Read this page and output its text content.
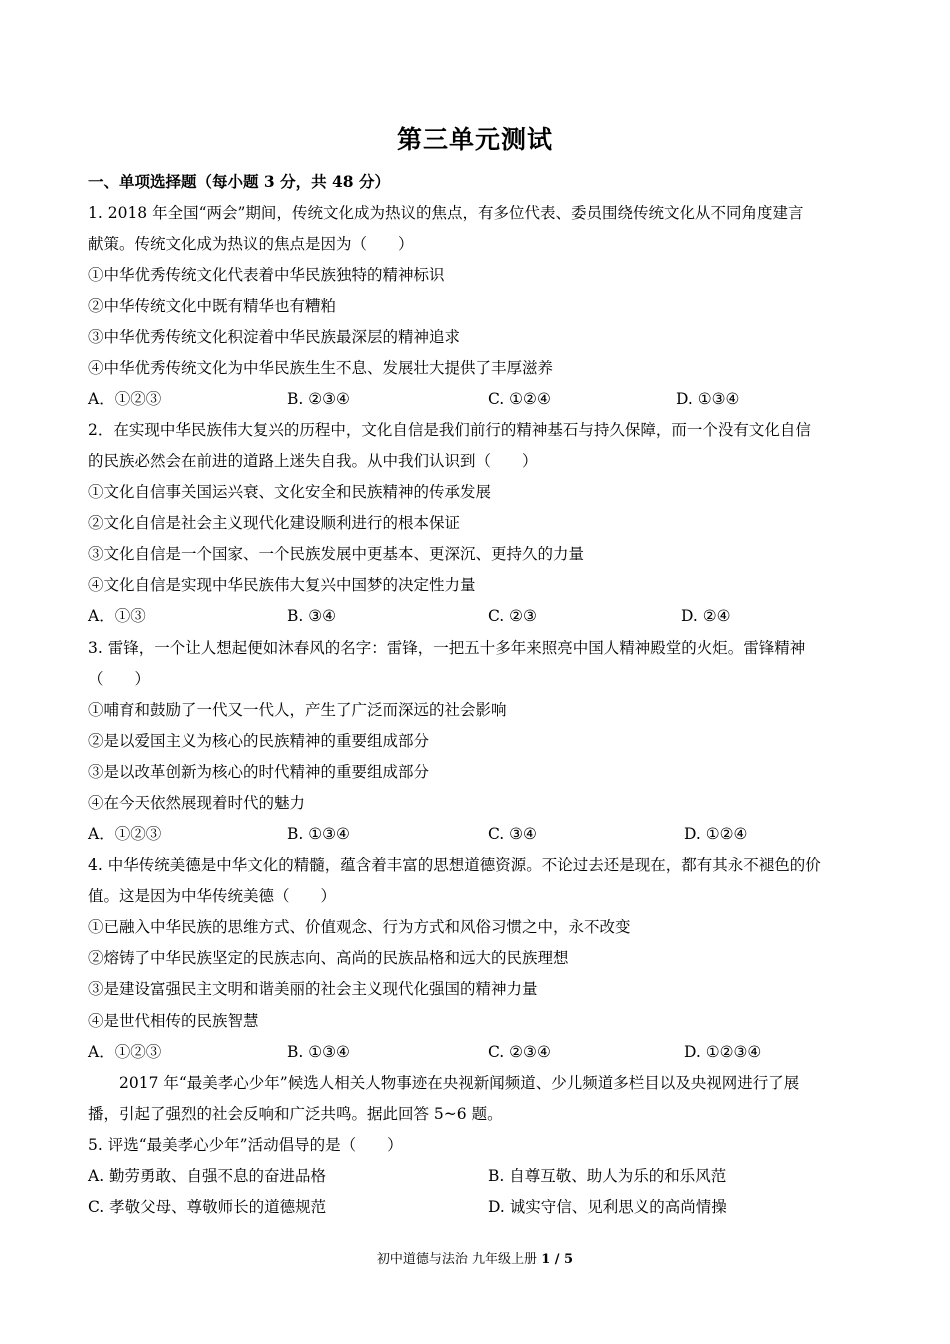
第三单元测试
一、单项选择题（每小题 3 分，共 48 分）
1. 2018 年全国“两会”期间，传统文化成为热议的焦点，有多位代表、委员围绕传统文化从不同角度建言
献策。传统文化成为热议的焦点是因为（　　）
①中华优秀传统文化代表着中华民族独特的精神标识
②中华传统文化中既有精华也有糟粕
③中华优秀传统文化积淀着中华民族最深层的精神追求
④中华优秀传统文化为中华民族生生不息、发展壮大提供了丰厚滋养
A．①②③	B. ②③④	C. ①②④	D. ①③④
2．在实现中华民族伟大复兴的历程中，文化自信是我们前行的精神基石与持久保障，而一个没有文化自信
的民族必然会在前进的道路上迷失自我。从中我们认识到（　　）
①文化自信事关国运兴衰、文化安全和民族精神的传承发展
②文化自信是社会主义现代化建设顺利进行的根本保证
③文化自信是一个国家、一个民族发展中更基本、更深沉、更持久的力量
④文化自信是实现中华民族伟大复兴中国梦的决定性力量
A．①③	B. ③④	C. ②③	D. ②④
3. 雷锋，一个让人想起便如沐春风的名字：雷锋，一把五十多年来照亮中国人精神殿堂的火炬。雷锋精神
（　　）
①哺育和鼓励了一代又一代人，产生了广泛而深远的社会影响
②是以爱国主义为核心的民族精神的重要组成部分
③是以改革创新为核心的时代精神的重要组成部分
④在今天依然展现着时代的魅力
A．①②③	B. ①③④	C. ③④	D. ①②④
4. 中华传统美德是中华文化的精髓，蕴含着丰富的思想道德资源。不论过去还是现在，都有其永不褪色的价
值。这是因为中华传统美德（　　）
①已融入中华民族的思维方式、价值观念、行为方式和风俗习惯之中，永不改变
②熔铸了中华民族坚定的民族志向、高尚的民族品格和远大的民族理想
③是建设富强民主文明和谐美丽的社会主义现代化强国的精神力量
④是世代相传的民族智慧
A．①②③	B. ①③④	C. ②③④	D. ①②③④
2017 年“最美孝心少年”候选人相关人物事迹在央视新闻频道、少儿频道多栏目以及央视网进行了展
播，引起了强烈的社会反响和广泛共鸣。据此回答 5~6 题。
5. 评选“最美孝心少年”活动倡导的是（　　）
A. 勤劳勇敢、自强不息的奋进品格	B. 自尊互敬、助人为乐的和乐风范
C. 孝敬父母、尊敬师长的道德规范	D. 诚实守信、见利思义的高尚情操
初中道德与法治 九年级上册 1 / 5
